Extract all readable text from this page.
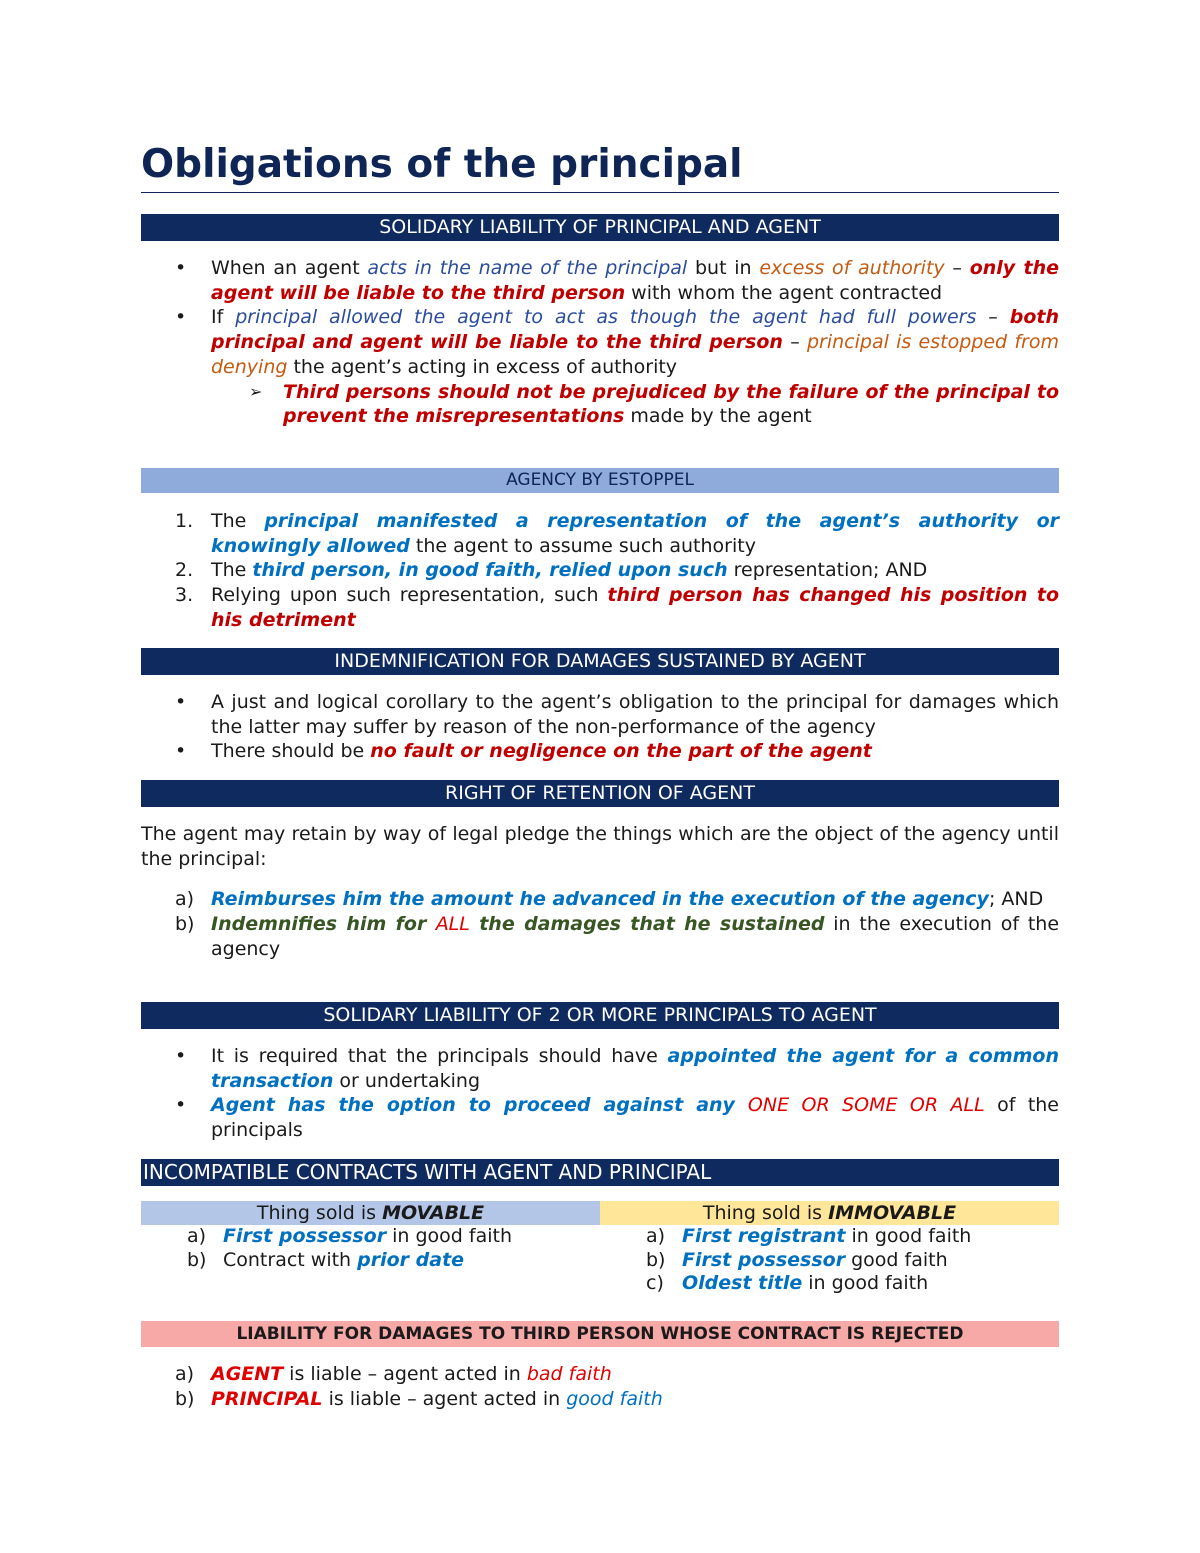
Obligations of the principal
SOLIDARY LIABILITY OF PRINCIPAL AND AGENT
• When an agent acts in the name of the principal but in excess of authority – only the agent will be liable to the third person with whom the agent contracted
• If principal allowed the agent to act as though the agent had full powers – both principal and agent will be liable to the third person – principal is estopped from denying the agent’s acting in excess of authority
➢ Third persons should not be prejudiced by the failure of the principal to prevent the misrepresentations made by the agent
AGENCY BY ESTOPPEL
1. The principal manifested a representation of the agent’s authority or knowingly allowed the agent to assume such authority
2. The third person, in good faith, relied upon such representation; AND
3. Relying upon such representation, such third person has changed his position to his detriment
INDEMNIFICATION FOR DAMAGES SUSTAINED BY AGENT
• A just and logical corollary to the agent’s obligation to the principal for damages which the latter may suffer by reason of the non-performance of the agency
• There should be no fault or negligence on the part of the agent
RIGHT OF RETENTION OF AGENT
The agent may retain by way of legal pledge the things which are the object of the agency until the principal:
a) Reimburses him the amount he advanced in the execution of the agency; AND
b) Indemnifies him for ALL the damages that he sustained in the execution of the agency
SOLIDARY LIABILITY OF 2 OR MORE PRINCIPALS TO AGENT
• It is required that the principals should have appointed the agent for a common transaction or undertaking
• Agent has the option to proceed against any ONE OR SOME OR ALL of the principals
INCOMPATIBLE CONTRACTS WITH AGENT AND PRINCIPAL
Thing sold is MOVABLE
a) First possessor in good faith
b) Contract with prior date
Thing sold is IMMOVABLE
a) First registrant in good faith
b) First possessor good faith
c) Oldest title in good faith
LIABILITY FOR DAMAGES TO THIRD PERSON WHOSE CONTRACT IS REJECTED
a) AGENT is liable – agent acted in bad faith
b) PRINCIPAL is liable – agent acted in good faith
